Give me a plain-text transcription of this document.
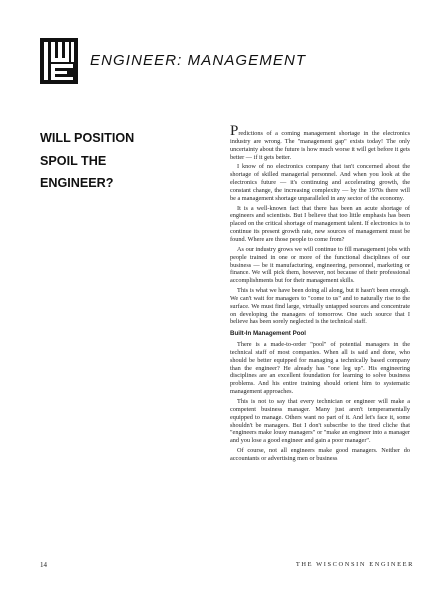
ENGINEER: MANAGEMENT
WILL POSITION
SPOIL THE
ENGINEER?

Predictions of a coming management shortage in the electronics industry are wrong. The "management gap" exists today! The only uncertainty about the future is how much worse it will get before it gets better — if it gets better.

I know of no electronics company that isn't concerned about the shortage of skilled managerial personnel. And when you look at the electronics future — it's continuing and accelerating growth, the constant change, the increasing complexity — by the 1970s there will be a management shortage unparalleled in any sector of the economy.

It is a well-known fact that there has been an acute shortage of engineers and scientists. But I believe that too little emphasis has been placed on the critical shortage of management talent. If electronics is to continue its present growth rate, new sources of management must be found. Where are those people to come from?

As our industry grows we will continue to fill management jobs with people trained in one or more of the functional disciplines of our business — be it manufacturing, engineering, personnel, marketing or finance. We will pick them, however, not because of their professional accomplishments but for their management skills.

This is what we have been doing all along, but it hasn't been enough. We can't wait for managers to "come to us" and to naturally rise to the surface. We must find large, virtually untapped sources and concentrate on developing the managers of tomorrow. One such source that I believe has been sorely neglected is the technical staff.

Built-In Management Pool

There is a made-to-order "pool" of potential managers in the technical staff of most companies. When all is said and done, who should be better equipped for managing a technically based company than the engineer? He already has "one leg up". His engineering disciplines are an excellent foundation for learning to solve business problems. And his entire training should orient him to systematic management approaches.

This is not to say that every technician or engineer will make a competent business manager. Many just aren't temperamentally equipped to manage. Others want no part of it. And let's face it, some shouldn't be managers. But I don't subscribe to the tired cliche that "engineers make lousy managers" or "make an engineer into a manager and you lose a good engineer and gain a poor manager".

Of course, not all engineers make good managers. Neither do accountants or advertising men or business

14	THE WISCONSIN ENGINEER
